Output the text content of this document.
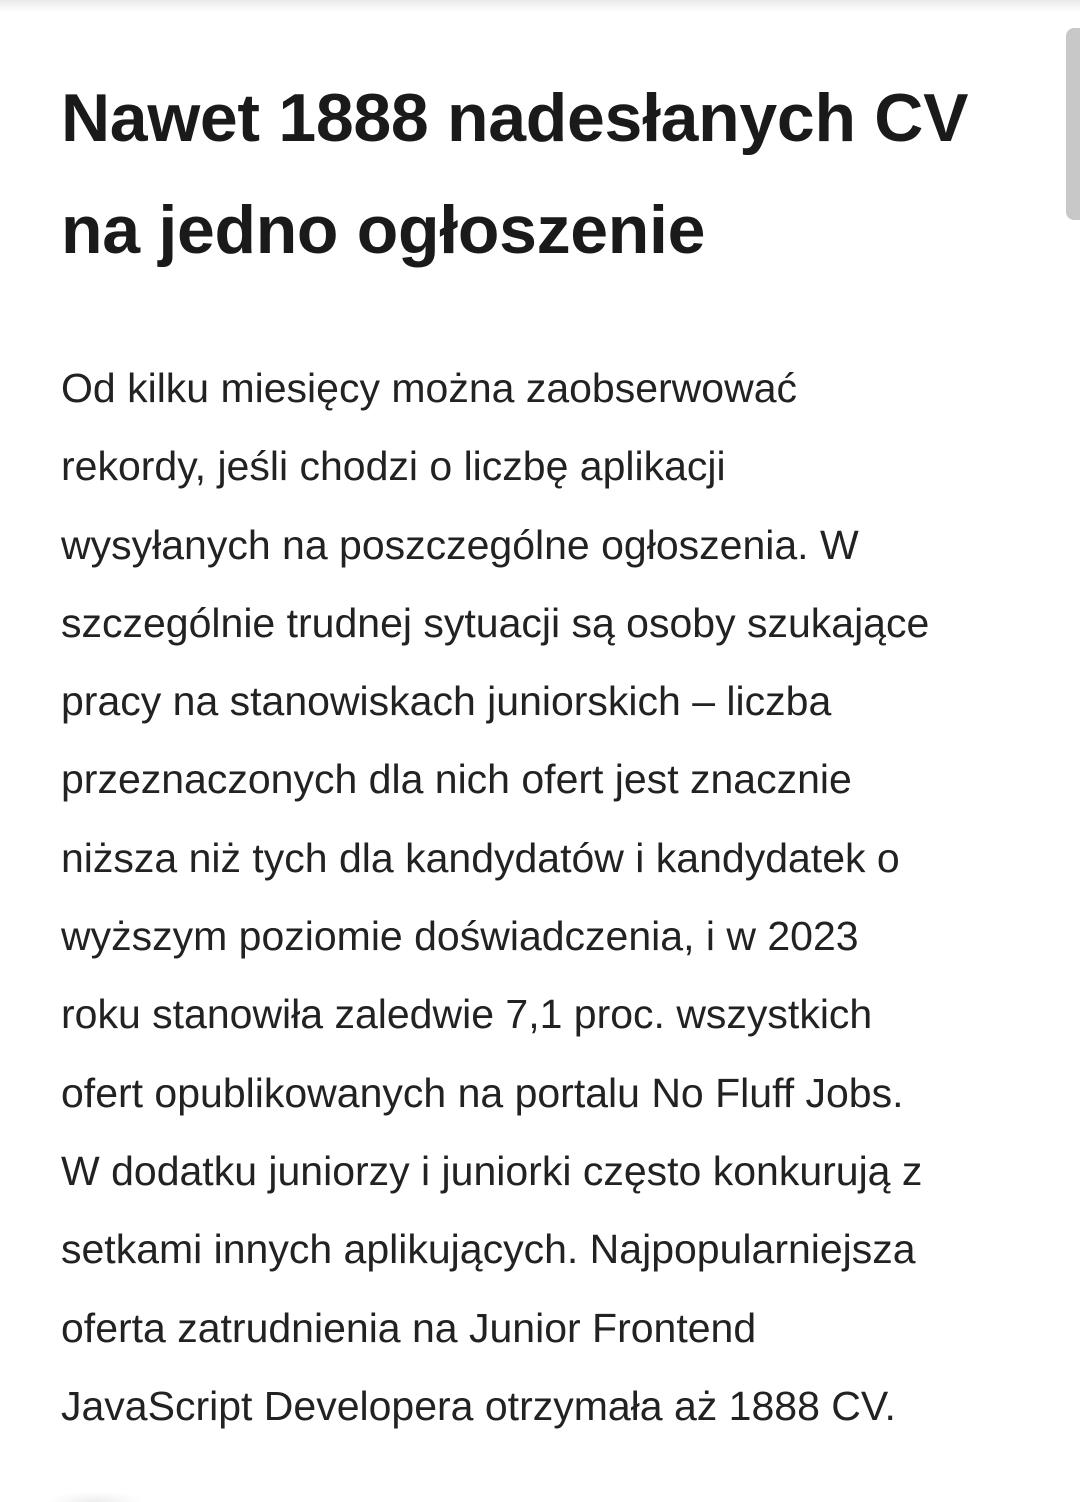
Nawet 1888 nadesłanych CV
na jedno ogłoszenie

Od kilku miesięcy można zaobserwować
rekordy, jeśli chodzi o liczbę aplikacji
wysyłanych na poszczególne ogłoszenia. W
szczególnie trudnej sytuacji są osoby szukające
pracy na stanowiskach juniorskich – liczba
przeznaczonych dla nich ofert jest znacznie
niższa niż tych dla kandydatów i kandydatek o
wyższym poziomie doświadczenia, i w 2023
roku stanowiła zaledwie 7,1 proc. wszystkich
ofert opublikowanych na portalu No Fluff Jobs.
W dodatku juniorzy i juniorki często konkurują z
setkami innych aplikujących. Najpopularniejsza
oferta zatrudnienia na Junior Frontend
JavaScript Developera otrzymała aż 1888 CV.
